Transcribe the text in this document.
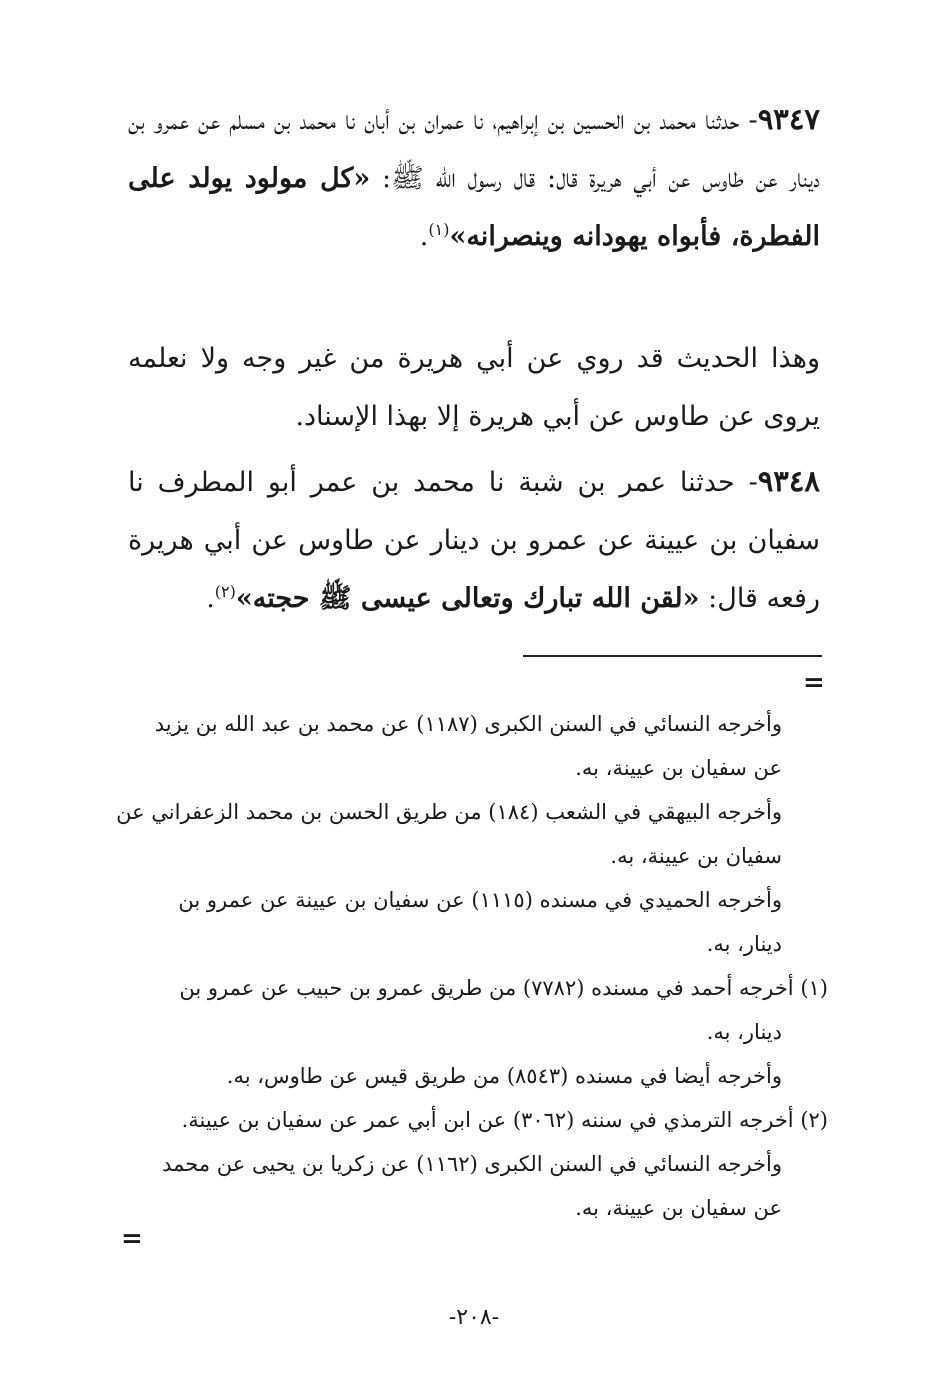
٩٣٤٧- حدثنا محمد بن الحسين بن إبراهيم، نا عمران بن أبان نا محمد بن مسلم عن عمرو بن دينار عن طاوس عن أبي هريرة قال: قال رسول الله ﷺ: «كل مولود يولد على الفطرة، فأبواه يهودانه وينصرانه»$^{(١)}$.
وهذا الحديث قد روي عن أبي هريرة من غير وجه ولا نعلمه يروى عن طاوس عن أبي هريرة إلا بهذا الإسناد.
٩٣٤٨- حدثنا عمر بن شبة نا محمد بن عمر أبو المطرف نا سفيان بن عيينة عن عمرو بن دينار عن طاوس عن أبي هريرة رفعه قال: «لقن الله تبارك وتعالى عيسى ﷺ حجته»$^{(٢)}$.
=
وأخرجه النسائي في السنن الكبرى (١١٨٧) عن محمد بن عبد الله بن يزيد
عن سفيان بن عيينة، به.
وأخرجه البيهقي في الشعب (١٨٤) من طريق الحسن بن محمد الزعفراني عن
سفيان بن عيينة، به.
وأخرجه الحميدي في مسنده (١١١٥) عن سفيان بن عيينة عن عمرو بن
دينار، به.
(١) أخرجه أحمد في مسنده (٧٧٨٢) من طريق عمرو بن حبيب عن عمرو بن
دينار، به.
وأخرجه أيضا في مسنده (٨٥٤٣) من طريق قيس عن طاوس، به.
(٢) أخرجه الترمذي في سننه (٣٠٦٢) عن ابن أبي عمر عن سفيان بن عيينة.
وأخرجه النسائي في السنن الكبرى (١١٦٢) عن زكريا بن يحيى عن محمد
عن سفيان بن عيينة، به.
=
-٢٠٨-
